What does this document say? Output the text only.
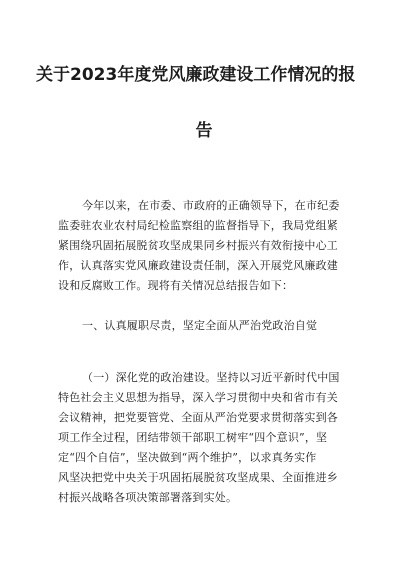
关于2023年度党风廉政建设工作情况的报
告
今年以来，在市委、市政府的正确领导下，在市纪委
监委驻农业农村局纪检监察组的监督指导下，我局党组紧
紧围绕巩固拓展脱贫攻坚成果同乡村振兴有效衔接中心工
作，认真落实党风廉政建设责任制，深入开展党风廉政建
设和反腐败工作。现将有关情况总结报告如下：
一、认真履职尽责，坚定全面从严治党政治自觉
（一）深化党的政治建设。坚持以习近平新时代中国
特色社会主义思想为指导，深入学习贯彻中央和省市有关
会议精神，把党要管党、全面从严治党要求贯彻落实到各
项工作全过程，团结带领干部职工树牢“四个意识”，坚
定“四个自信”，坚决做到“两个维护”，以求真务实作
风坚决把党中央关于巩固拓展脱贫攻坚成果、全面推进乡
村振兴战略各项决策部署落到实处。
